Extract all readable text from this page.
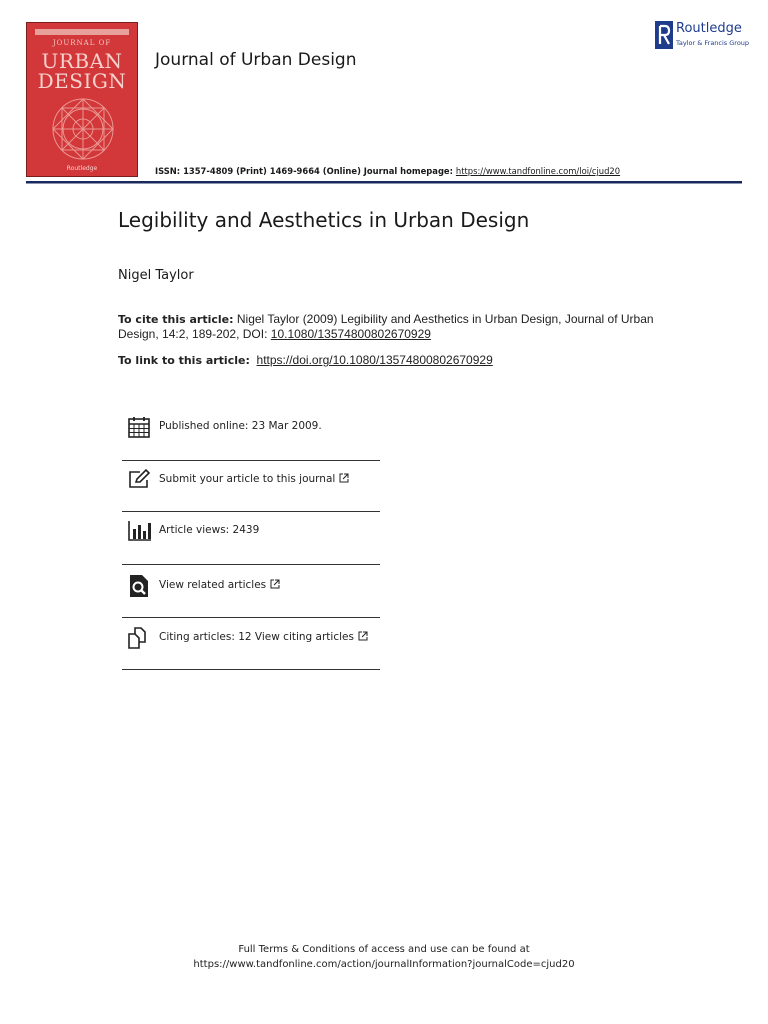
JOURNAL OF
URBAN
DESIGN
Routledge
Journal of Urban Design
Routledge
Taylor & Francis Group
ISSN: 1357-4809 (Print) 1469-9664 (Online) Journal homepage: https://www.tandfonline.com/loi/cjud20
Legibility and Aesthetics in Urban Design
Nigel Taylor
To cite this article: Nigel Taylor (2009) Legibility and Aesthetics in Urban Design, Journal of Urban Design, 14:2, 189-202, DOI: 10.1080/13574800802670929
To link to this article: https://doi.org/10.1080/13574800802670929
Published online: 23 Mar 2009.
Submit your article to this journal
Article views: 2439
View related articles
Citing articles: 12 View citing articles
Full Terms & Conditions of access and use can be found at
https://www.tandfonline.com/action/journalInformation?journalCode=cjud20
